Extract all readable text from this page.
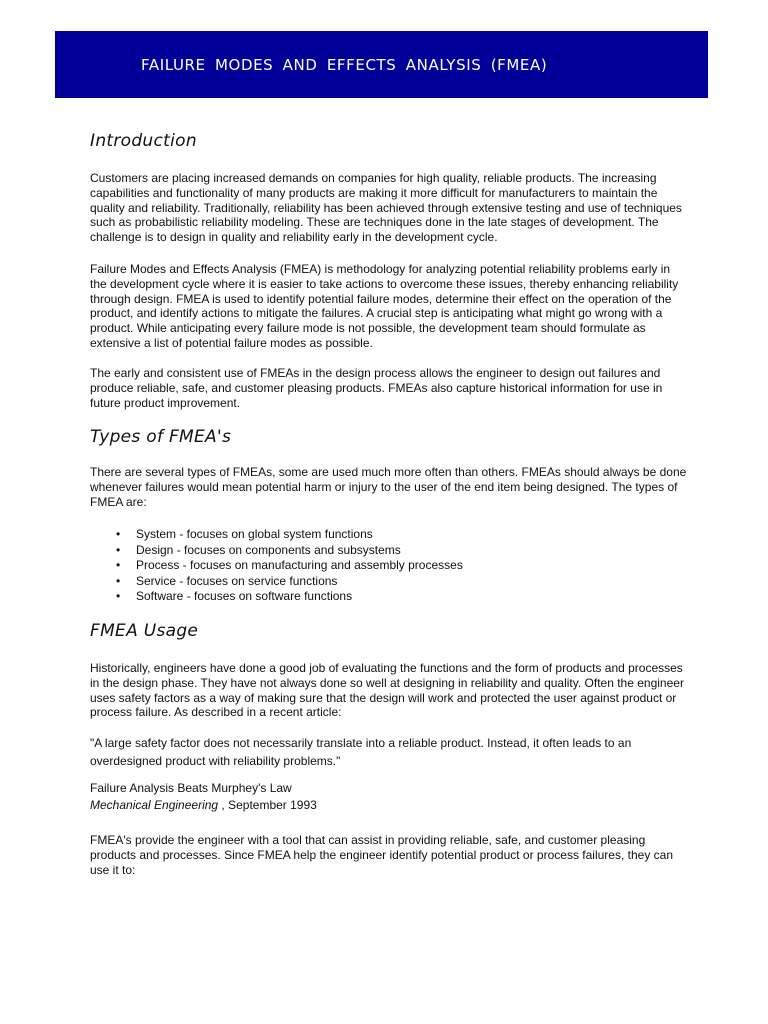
FAILURE MODES AND EFFECTS ANALYSIS (FMEA)
Introduction

Customers are placing increased demands on companies for high quality, reliable products. The increasing capabilities and functionality of many products are making it more difficult for manufacturers to maintain the quality and reliability. Traditionally, reliability has been achieved through extensive testing and use of techniques such as probabilistic reliability modeling. These are techniques done in the late stages of development. The challenge is to design in quality and reliability early in the development cycle.

Failure Modes and Effects Analysis (FMEA) is methodology for analyzing potential reliability problems early in the development cycle where it is easier to take actions to overcome these issues, thereby enhancing reliability through design. FMEA is used to identify potential failure modes, determine their effect on the operation of the product, and identify actions to mitigate the failures. A crucial step is anticipating what might go wrong with a product. While anticipating every failure mode is not possible, the development team should formulate as extensive a list of potential failure modes as possible.

The early and consistent use of FMEAs in the design process allows the engineer to design out failures and produce reliable, safe, and customer pleasing products. FMEAs also capture historical information for use in future product improvement.

Types of FMEA's

There are several types of FMEAs, some are used much more often than others. FMEAs should always be done whenever failures would mean potential harm or injury to the user of the end item being designed. The types of FMEA are:

• System - focuses on global system functions
• Design - focuses on components and subsystems
• Process - focuses on manufacturing and assembly processes
• Service - focuses on service functions
• Software - focuses on software functions
FMEA Usage

Historically, engineers have done a good job of evaluating the functions and the form of products and processes in the design phase. They have not always done so well at designing in reliability and quality. Often the engineer uses safety factors as a way of making sure that the design will work and protected the user against product or process failure. As described in a recent article:

"A large safety factor does not necessarily translate into a reliable product. Instead, it often leads to an overdesigned product with reliability problems."

Failure Analysis Beats Murphey's Law

Mechanical Engineering , September 1993

FMEA's provide the engineer with a tool that can assist in providing reliable, safe, and customer pleasing products and processes. Since FMEA help the engineer identify potential product or process failures, they can use it to:
